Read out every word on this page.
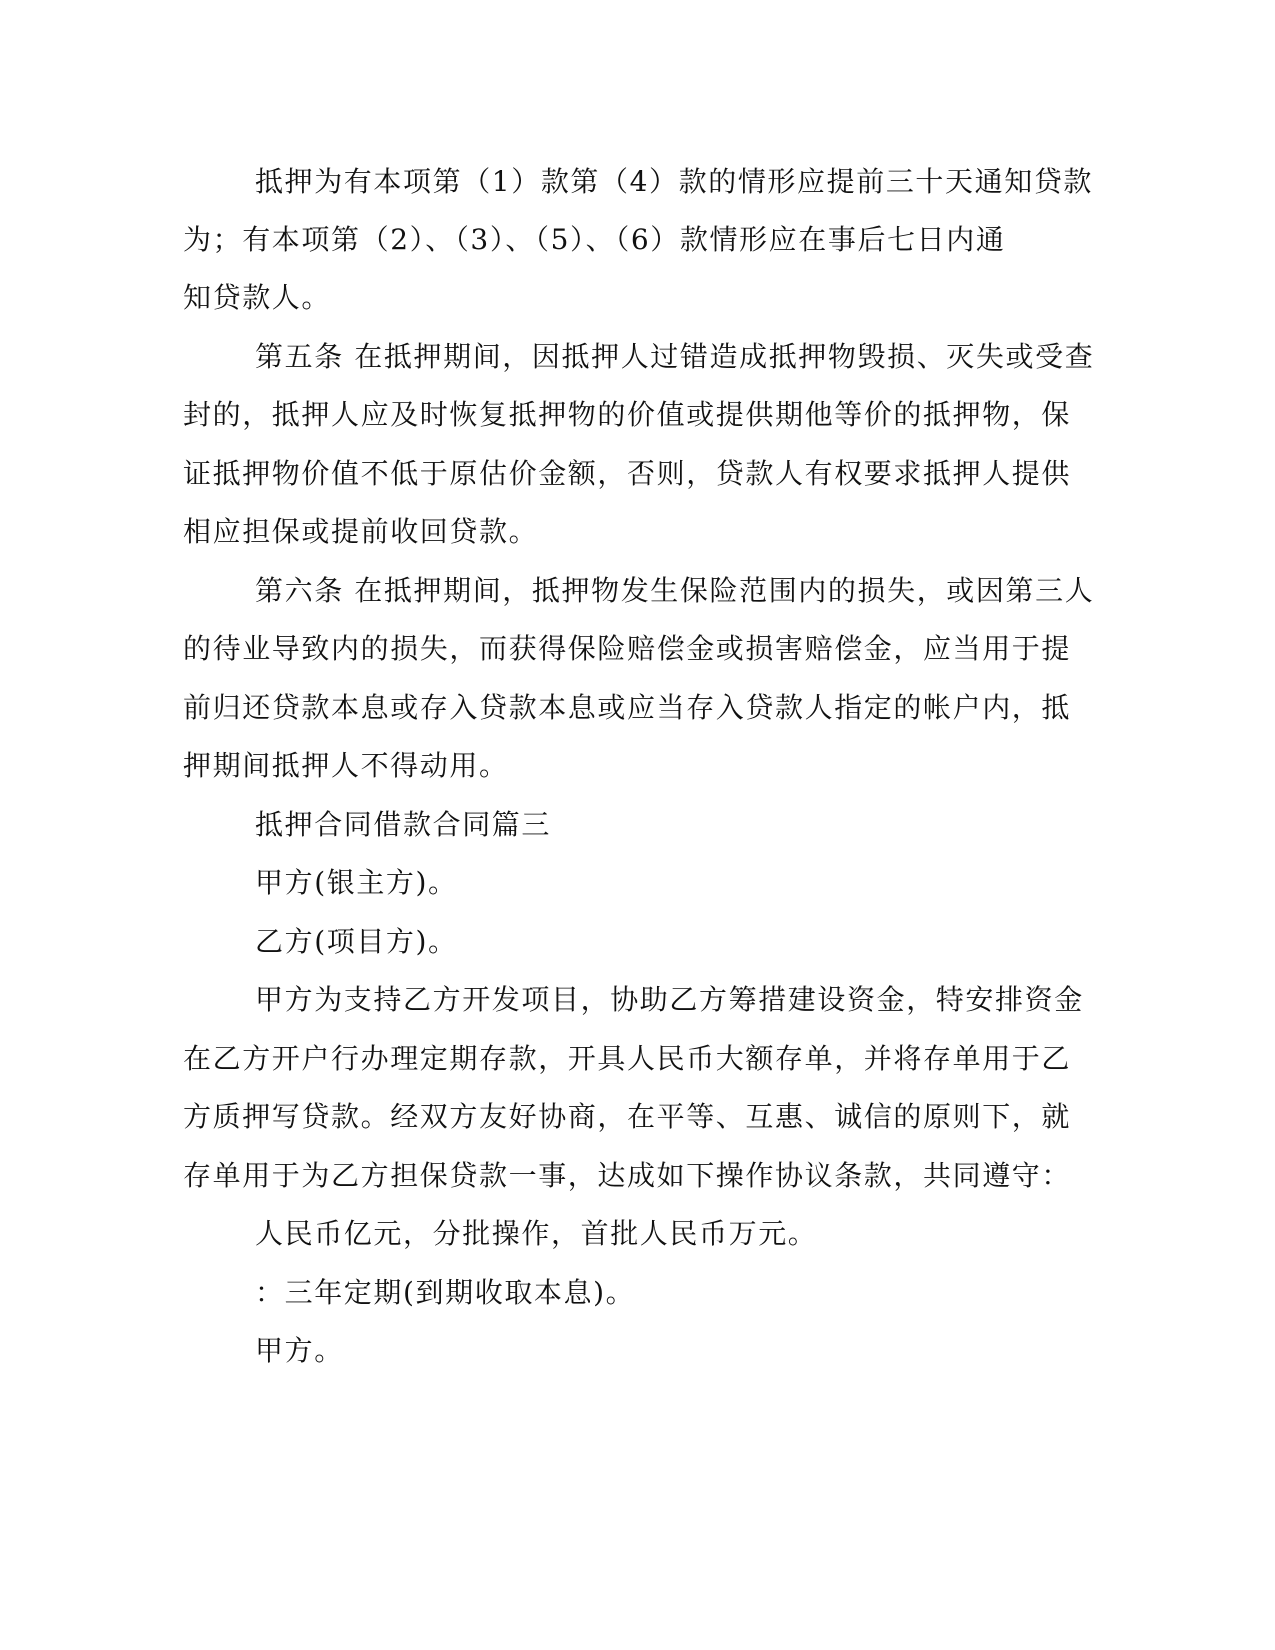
抵押为有本项第（1）款第（4）款的情形应提前三十天通知贷款
为；有本项第（2）、（3）、（5）、（6）款情形应在事后七日内通
知贷款人。
第五条 在抵押期间，因抵押人过错造成抵押物毁损、灭失或受查
封的，抵押人应及时恢复抵押物的价值或提供期他等价的抵押物，保
证抵押物价值不低于原估价金额，否则，贷款人有权要求抵押人提供
相应担保或提前收回贷款。
第六条 在抵押期间，抵押物发生保险范围内的损失，或因第三人
的待业导致内的损失，而获得保险赔偿金或损害赔偿金，应当用于提
前归还贷款本息或存入贷款本息或应当存入贷款人指定的帐户内，抵
押期间抵押人不得动用。
抵押合同借款合同篇三
甲方(银主方)。
乙方(项目方)。
甲方为支持乙方开发项目，协助乙方筹措建设资金，特安排资金
在乙方开户行办理定期存款，开具人民币大额存单，并将存单用于乙
方质押写贷款。经双方友好协商，在平等、互惠、诚信的原则下，就
存单用于为乙方担保贷款一事，达成如下操作协议条款，共同遵守：
人民币亿元，分批操作，首批人民币万元。
：三年定期(到期收取本息)。
甲方。
